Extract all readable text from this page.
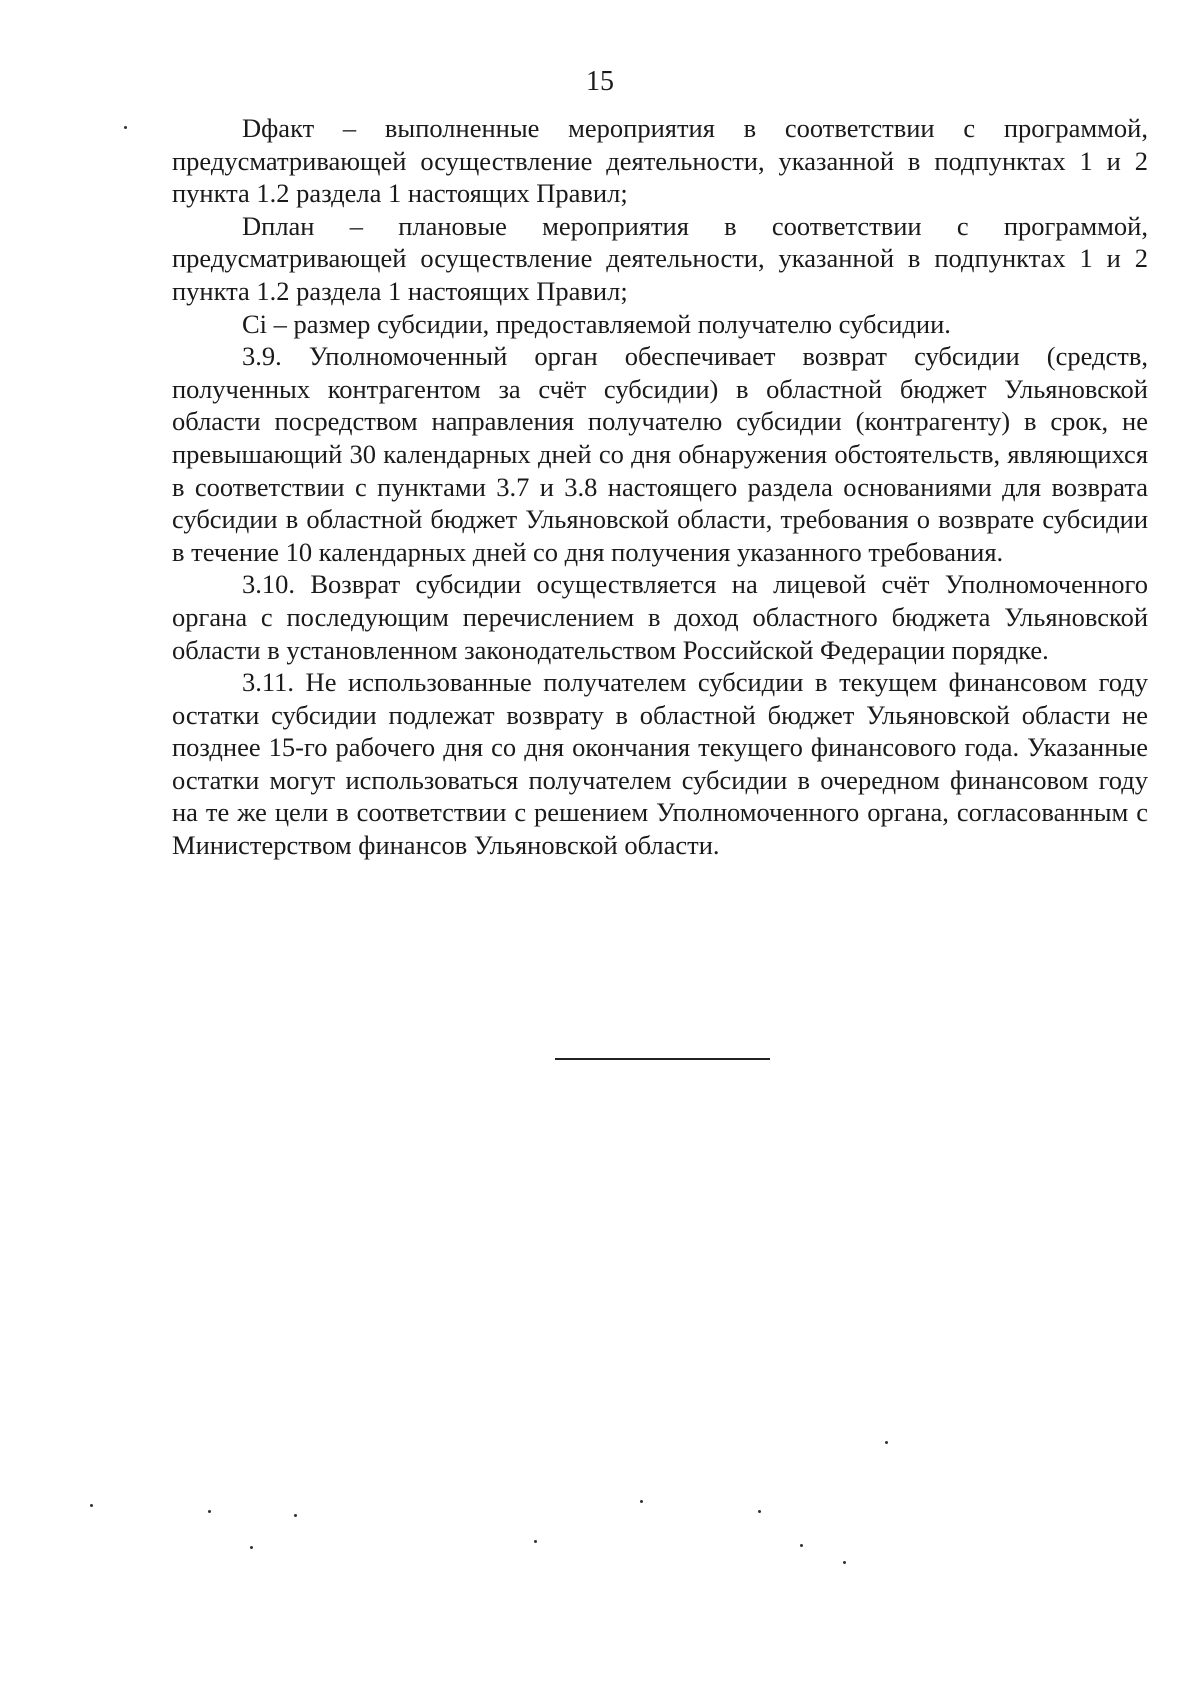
15

Dфакт – выполненные мероприятия в соответствии с программой, предусматривающей осуществление деятельности, указанной в подпунктах 1 и 2 пункта 1.2 раздела 1 настоящих Правил;

Dплан – плановые мероприятия в соответствии с программой, предусматривающей осуществление деятельности, указанной в подпунктах 1 и 2 пункта 1.2 раздела 1 настоящих Правил;

Ci – размер субсидии, предоставляемой получателю субсидии.

3.9. Уполномоченный орган обеспечивает возврат субсидии (средств, полученных контрагентом за счёт субсидии) в областной бюджет Ульяновской области посредством направления получателю субсидии (контрагенту) в срок, не превышающий 30 календарных дней со дня обнаружения обстоятельств, являющихся в соответствии с пунктами 3.7 и 3.8 настоящего раздела основаниями для возврата субсидии в областной бюджет Ульяновской области, требования о возврате субсидии в течение 10 календарных дней со дня получения указанного требования.

3.10. Возврат субсидии осуществляется на лицевой счёт Уполномоченного органа с последующим перечислением в доход областного бюджета Ульяновской области в установленном законодательством Российской Федерации порядке.

3.11. Не использованные получателем субсидии в текущем финансовом году остатки субсидии подлежат возврату в областной бюджет Ульяновской области не позднее 15-го рабочего дня со дня окончания текущего финансового года. Указанные остатки могут использоваться получателем субсидии в очередном финансовом году на те же цели в соответствии с решением Уполномоченного органа, согласованным с Министерством финансов Ульяновской области.
